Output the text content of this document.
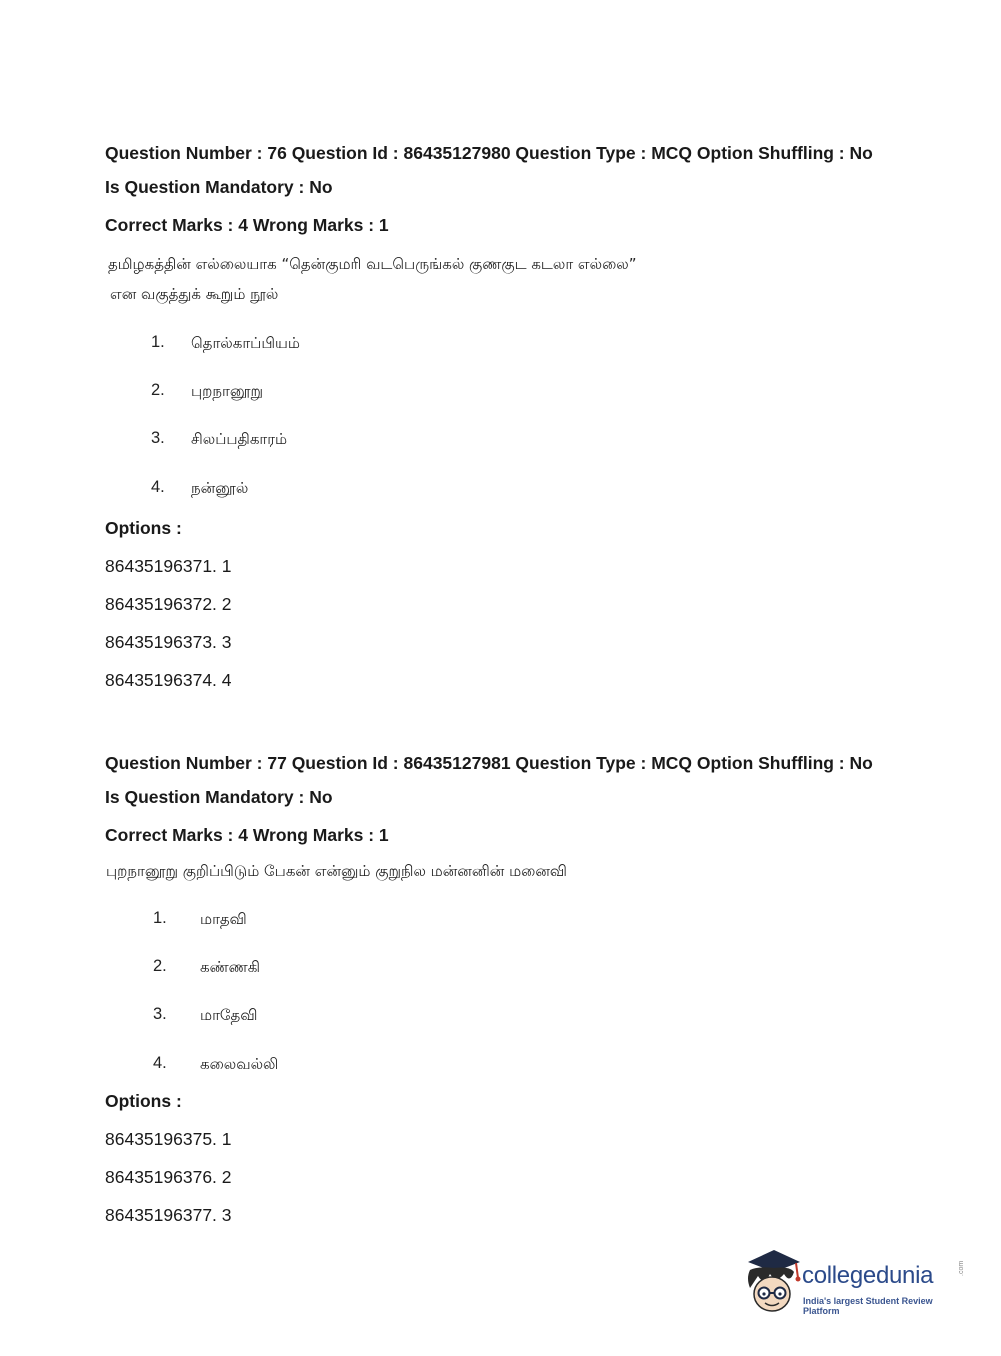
Question Number : 76 Question Id : 86435127980 Question Type : MCQ Option Shuffling : No
Is Question Mandatory : No
Correct Marks : 4 Wrong Marks : 1
தமிழகத்தின் எல்லையாக “தென்குமரி வடபெருங்கல் குணகுட கடலா எல்லை”
என வகுத்துக் கூறும் நூல்
1. தொல்காப்பியம்
2. புறநானூறு
3. சிலப்பதிகாரம்
4. நன்னூல்
Options :
86435196371. 1
86435196372. 2
86435196373. 3
86435196374. 4
Question Number : 77 Question Id : 86435127981 Question Type : MCQ Option Shuffling : No
Is Question Mandatory : No
Correct Marks : 4 Wrong Marks : 1
புறநானூறு குறிப்பிடும் பேகன் என்னும் குறுநில மன்னனின் மனைவி
1. மாதவி
2. கண்ணகி
3. மாதேவி
4. கலைவல்லி
Options :
86435196375. 1
86435196376. 2
86435196377. 3
collegedunia	.com
India's largest Student Review Platform
